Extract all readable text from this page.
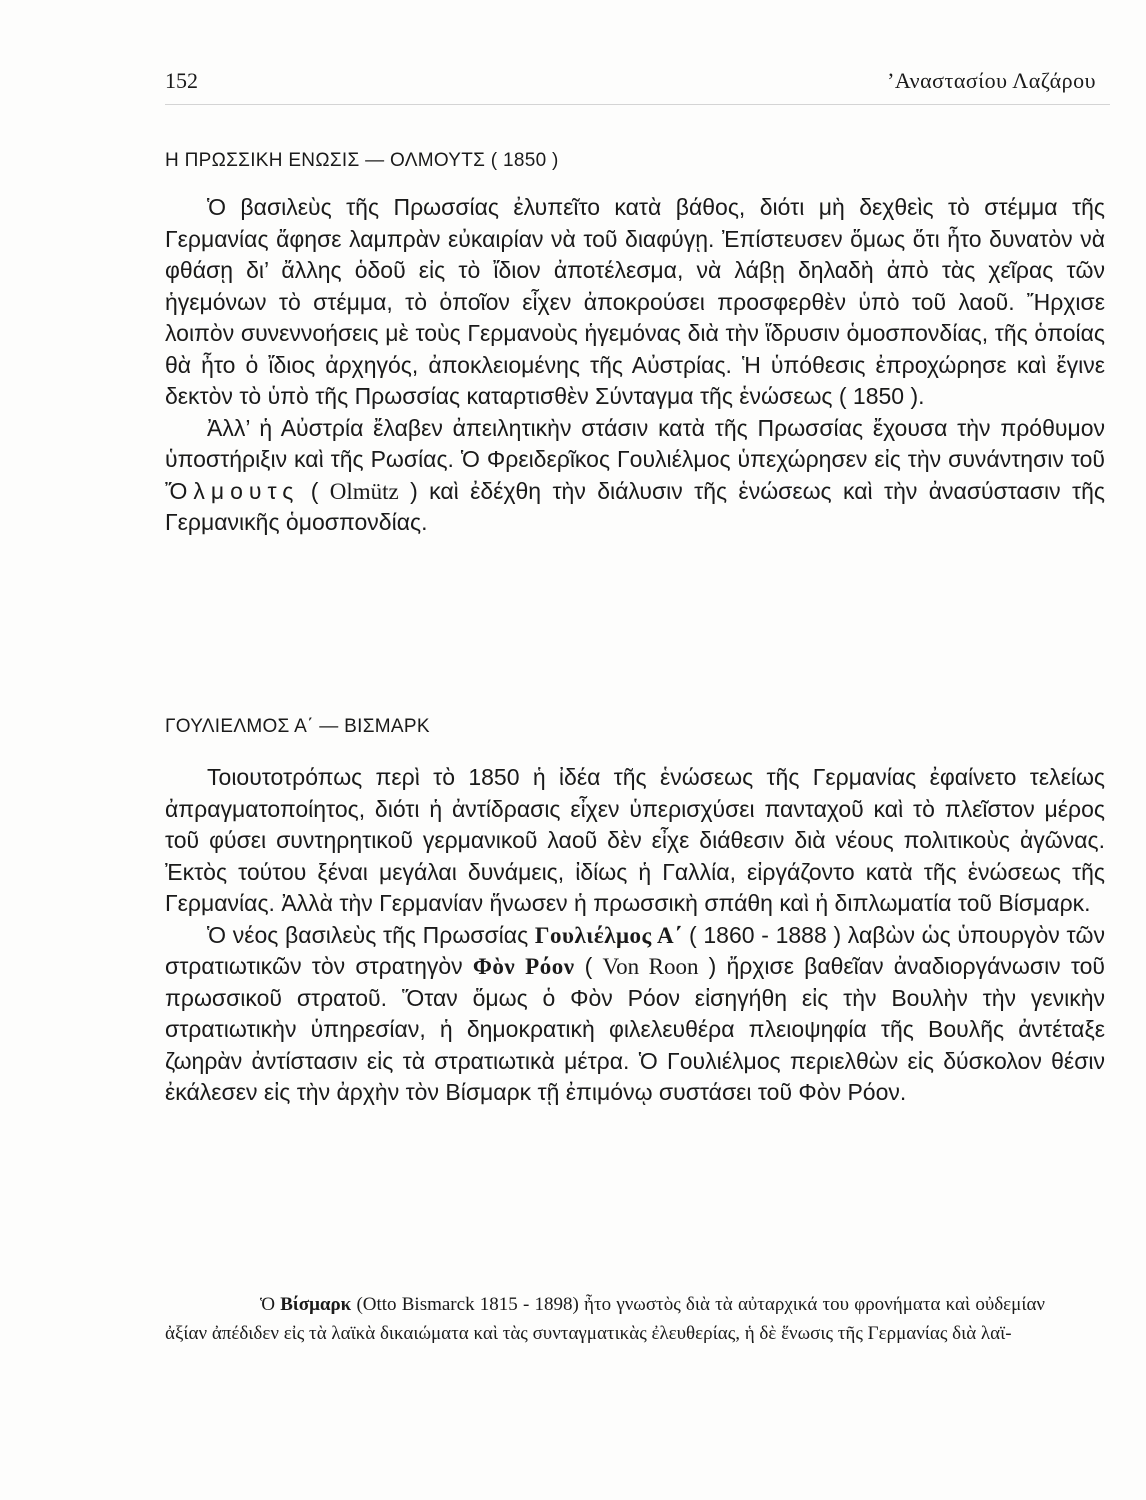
152	’Αναστασίου Λαζάρου
Η ΠΡΩΣΣΙΚΗ ΕΝΩΣΙΣ — ΟΛΜΟΥΤΣ ( 1850 )

Ὁ βασιλεὺς τῆς Πρωσσίας ἐλυπεῖτο κατὰ βάθος, διότι μὴ δεχθεὶς τὸ στέμμα τῆς Γερμανίας ἄφησε λαμπρὰν εὐκαιρίαν νὰ τοῦ διαφύγῃ. Ἐπίστευσεν ὅμως ὅτι ἦτο δυνατὸν νὰ φθάσῃ δι’ ἄλλης ὁδοῦ εἰς τὸ ἴδιον ἀποτέλεσμα, νὰ λάβῃ δηλαδὴ ἀπὸ τὰς χεῖρας τῶν ἡγεμόνων τὸ στέμμα, τὸ ὁποῖον εἶχεν ἀποκρούσει προσφερθὲν ὑπὸ τοῦ λαοῦ. Ἤρχισε λοιπὸν συνεννοήσεις μὲ τοὺς Γερμανοὺς ἡγεμόνας διὰ τὴν ἵδρυσιν ὁμοσπονδίας, τῆς ὁποίας θὰ ἦτο ὁ ἴδιος ἀρχηγός, ἀποκλειομένης τῆς Αὐστρίας. Ἡ ὑπόθεσις ἐπροχώρησε καὶ ἔγινε δεκτὸν τὸ ὑπὸ τῆς Πρωσσίας καταρτισθὲν Σύνταγμα τῆς ἑνώσεως ( 1850 ).

Ἀλλ’ ἡ Αὐστρία ἔλαβεν ἀπειλητικὴν στάσιν κατὰ τῆς Πρωσσίας ἔχουσα τὴν πρόθυμον ὑποστήριξιν καὶ τῆς Ρωσίας. Ὁ Φρειδερῖκος Γουλιέλμος ὑπεχώρησεν εἰς τὴν συνάντησιν τοῦ Ὄλμουτς ( Olmütz ) καὶ ἐδέχθη τὴν διάλυσιν τῆς ἑνώσεως καὶ τὴν ἀνασύστασιν τῆς Γερμανικῆς ὁμοσπονδίας.

ΓΟΥΛΙΕΛΜΟΣ Α΄ — ΒΙΣΜΑΡΚ

Τοιουτοτρόπως περὶ τὸ 1850 ἡ ἰδέα τῆς ἑνώσεως τῆς Γερμανίας ἐφαίνετο τελείως ἀπραγματοποίητος, διότι ἡ ἀντίδρασις εἶχεν ὑπερισχύσει πανταχοῦ καὶ τὸ πλεῖστον μέρος τοῦ φύσει συντηρητικοῦ γερμανικοῦ λαοῦ δὲν εἶχε διάθεσιν διὰ νέους πολιτικοὺς ἀγῶνας. Ἐκτὸς τούτου ξέναι μεγάλαι δυνάμεις, ἰδίως ἡ Γαλλία, εἰργάζοντο κατὰ τῆς ἑνώσεως τῆς Γερμανίας. Ἀλλὰ τὴν Γερμανίαν ἥνωσεν ἡ πρωσσικὴ σπάθη καὶ ἡ διπλωματία τοῦ Βίσμαρκ.

Ὁ νέος βασιλεὺς τῆς Πρωσσίας Γουλιέλμος Α΄ ( 1860 - 1888 ) λαβὼν ὡς ὑπουργὸν τῶν στρατιωτικῶν τὸν στρατηγὸν Φὸν Ρόον ( Von Roon ) ἤρχισε βαθεῖαν ἀναδιοργάνωσιν τοῦ πρωσσικοῦ στρατοῦ. Ὅταν ὅμως ὁ Φὸν Ρόον εἰσηγήθη εἰς τὴν Βουλὴν τὴν γενικὴν στρατιωτικὴν ὑπηρεσίαν, ἡ δημοκρατικὴ φιλελευθέρα πλειοψηφία τῆς Βουλῆς ἀντέταξε ζωηρὰν ἀντίστασιν εἰς τὰ στρατιωτικὰ μέτρα. Ὁ Γουλιέλμος περιελθὼν εἰς δύσκολον θέσιν ἐκάλεσεν εἰς τὴν ἀρχὴν τὸν Βίσμαρκ τῇ ἐπιμόνῳ συστάσει τοῦ Φὸν Ρόον.

Ὁ Βίσμαρκ (Otto Bismarck 1815 - 1898) ἦτο γνωστὸς διὰ τὰ αὐταρχικά του φρονήματα καὶ οὐδεμίαν ἀξίαν ἀπέδιδεν εἰς τὰ λαϊκὰ δικαιώματα καὶ τὰς συνταγματικὰς ἐλευθερίας, ἡ δὲ ἕνωσις τῆς Γερμανίας διὰ λαϊ-
